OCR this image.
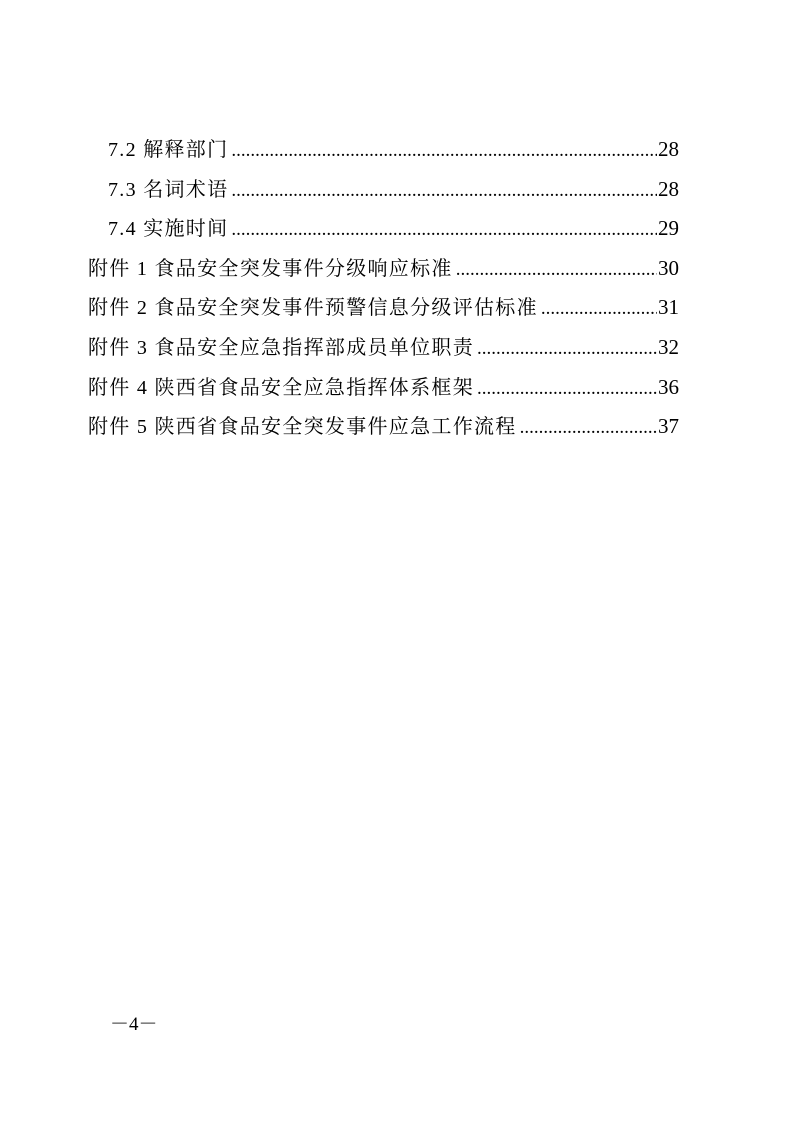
7.2 解释部门 .....	28
7.3 名词术语 .....	28
7.4 实施时间 .....	29
附件 1 食品安全突发事件分级响应标准 .....	30
附件 2 食品安全突发事件预警信息分级评估标准 .....	31
附件 3 食品安全应急指挥部成员单位职责 .....	32
附件 4 陕西省食品安全应急指挥体系框架 .....	36
附件 5 陕西省食品安全突发事件应急工作流程 .....	37
－4－
